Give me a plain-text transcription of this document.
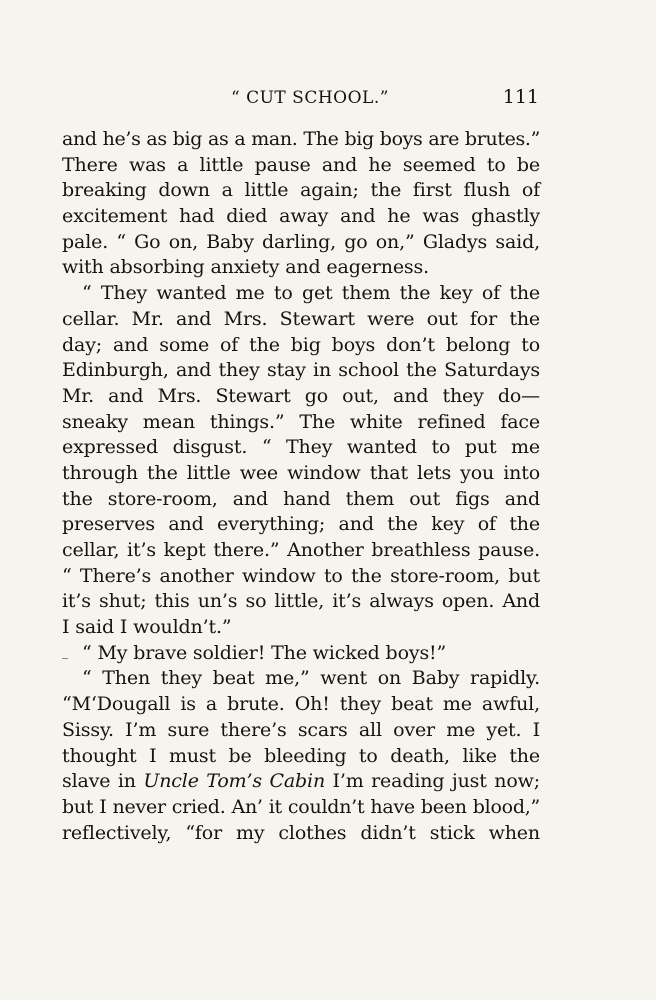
“ CUT SCHOOL.”	111
and he’s as big as a man. The big boys are brutes.”
There was a little pause and he seemed to be
breaking down a little again; the first flush of
excitement had died away and he was ghastly
pale. “ Go on, Baby darling, go on,” Gladys said,
with absorbing anxiety and eagerness.
“ They wanted me to get them the key of the
cellar. Mr. and Mrs. Stewart were out for the
day; and some of the big boys don’t belong to
Edinburgh, and they stay in school the Saturdays
Mr. and Mrs. Stewart go out, and they do—
sneaky mean things.” The white refined face
expressed disgust. “ They wanted to put me
through the little wee window that lets you into
the store-room, and hand them out figs and
preserves and everything; and the key of the
cellar, it’s kept there.” Another breathless pause.
“ There’s another window to the store-room, but
it’s shut; this un’s so little, it’s always open. And
I said I wouldn’t.”
“ My brave soldier! The wicked boys!”
“ Then they beat me,” went on Baby rapidly.
“M‘Dougall is a brute. Oh! they beat me awful,
Sissy. I’m sure there’s scars all over me yet. I
thought I must be bleeding to death, like the
slave in Uncle Tom’s Cabin I’m reading just now;
but I never cried. An’ it couldn’t have been blood,”
reflectively, “for my clothes didn’t stick when
